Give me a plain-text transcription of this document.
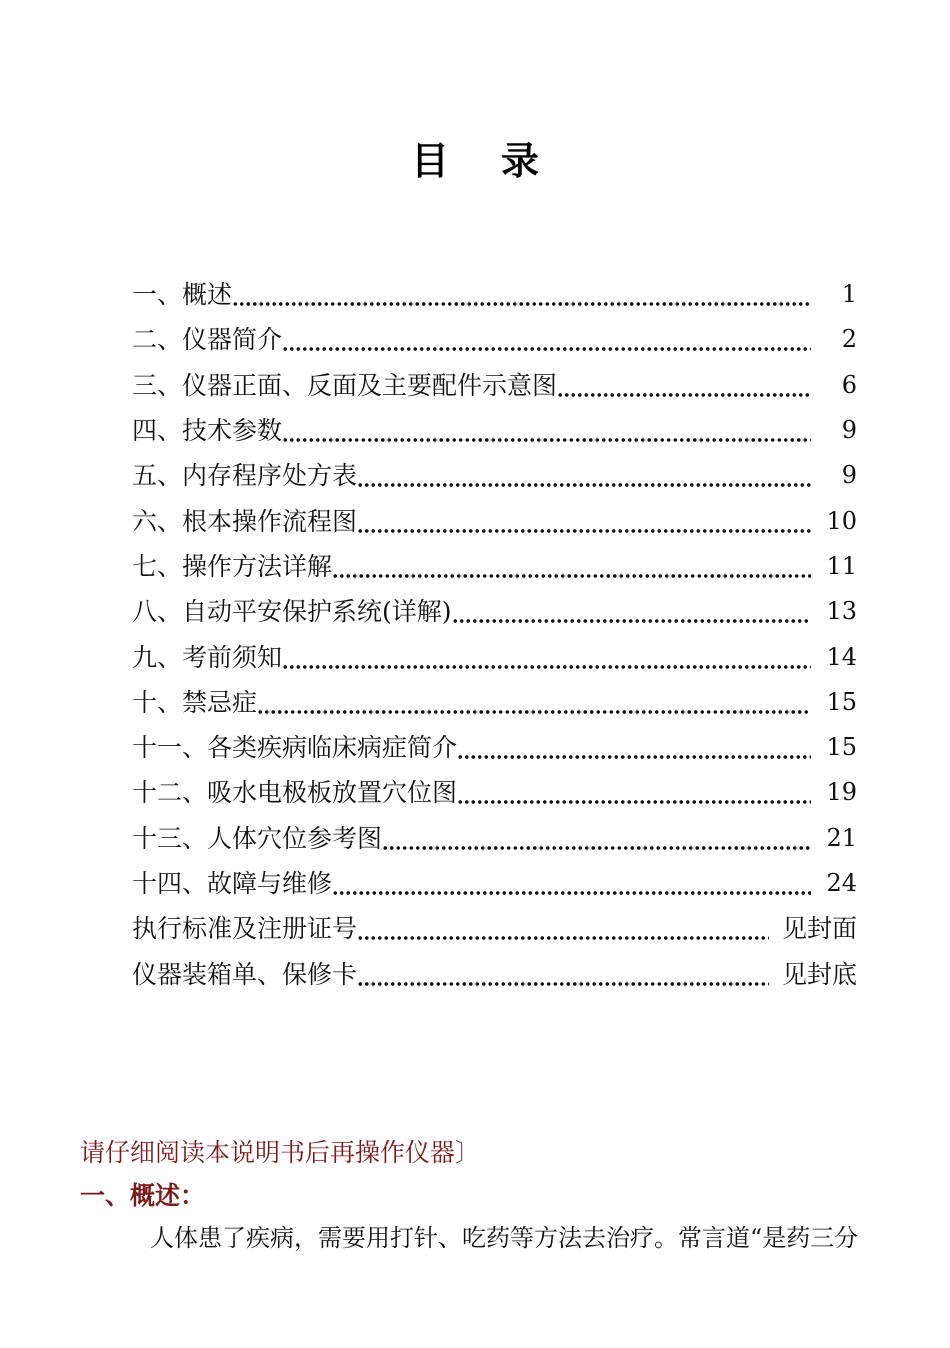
目 录
一、概述	1
二、仪器简介	2
三、仪器正面、反面及主要配件示意图	6
四、技术参数	9
五、内存程序处方表	9
六、根本操作流程图	10
七、操作方法详解	11
八、自动平安保护系统(详解)	13
九、考前须知	14
十、禁忌症	15
十一、各类疾病临床病症简介	15
十二、吸水电极板放置穴位图	19
十三、人体穴位参考图	21
十四、故障与维修	24
执行标准及注册证号	见封面
仪器装箱单、保修卡	见封底
请仔细阅读本说明书后再操作仪器〕
一、概述：
人体患了疾病，需要用打针、吃药等方法去治疗。常言道“是药三分
